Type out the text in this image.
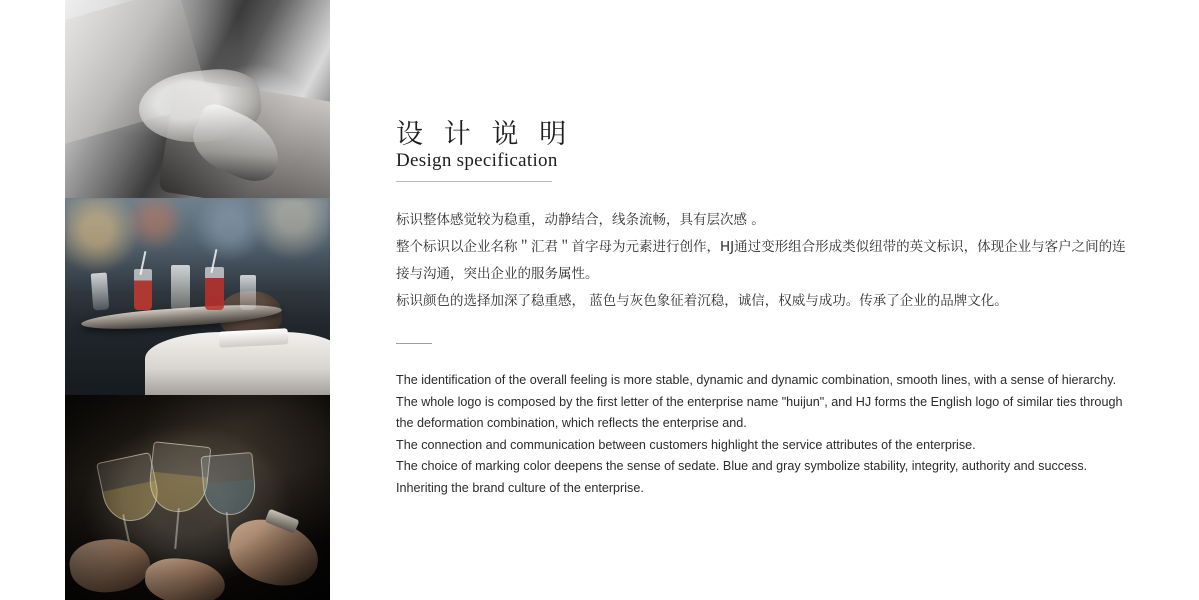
设 计 说 明
Design specification

标识整体感觉较为稳重，动静结合，线条流畅，具有层次感 。

整个标识以企业名称＂汇君＂首字母为元素进行创作，HJ通过变形组合形成类似纽带的英文标识，体现企业与客户之间的连接与沟通，突出企业的服务属性。

标识颜色的选择加深了稳重感， 蓝色与灰色象征着沉稳，诚信，权威与成功。传承了企业的品牌文化。

The identification of the overall feeling is more stable, dynamic and dynamic combination, smooth lines, with a sense of hierarchy.

The whole logo is composed by the first letter of the enterprise name "huijun", and HJ forms the English logo of similar ties through the deformation combination, which reflects the enterprise and.

The connection and communication between customers highlight the service attributes of the enterprise.

The choice of marking color deepens the sense of sedate. Blue and gray symbolize stability, integrity, authority and success.

Inheriting the brand culture of the enterprise.
